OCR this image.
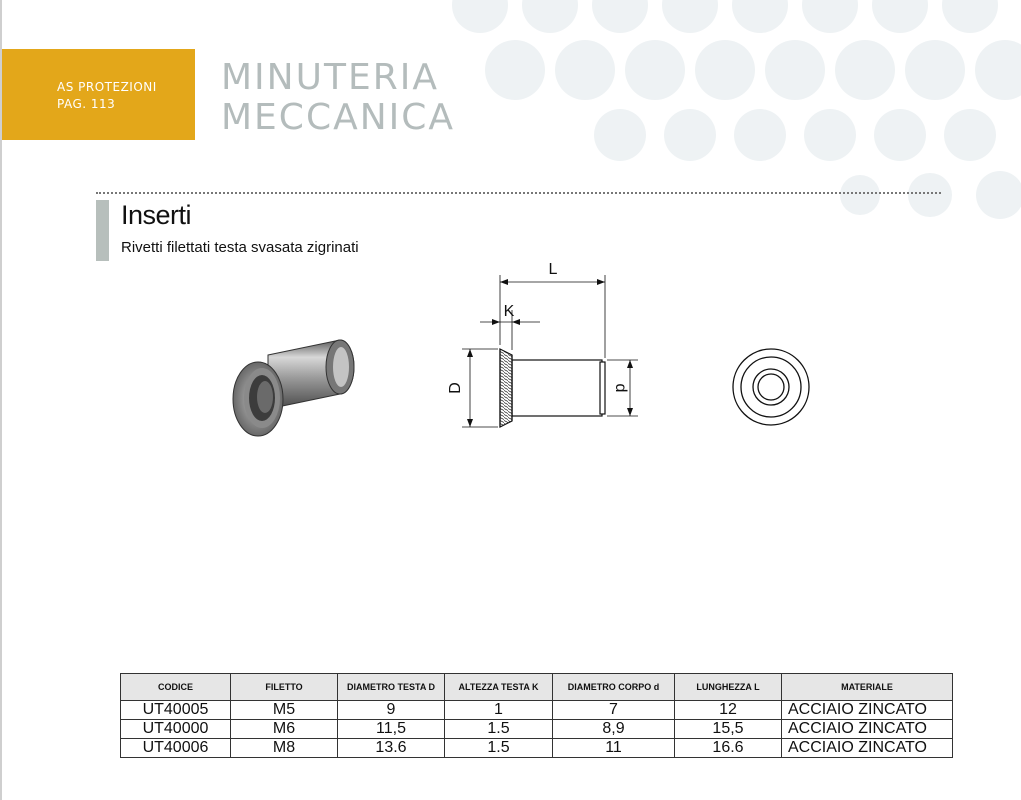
AS PROTEZIONI
PAG. 113
MINUTERIA
MECCANICA
Inserti
Rivetti filettati testa svasata zigrinati
L
K
D	d
CODICE	FILETTO	DIAMETRO TESTA D	ALTEZZA TESTA K	DIAMETRO CORPO d	LUNGHEZZA L	MATERIALE
UT40005	M5	9	1	7	12	ACCIAIO ZINCATO
UT40000	M6	11,5	1.5	8,9	15,5	ACCIAIO ZINCATO
UT40006	M8	13.6	1.5	11	16.6	ACCIAIO ZINCATO
